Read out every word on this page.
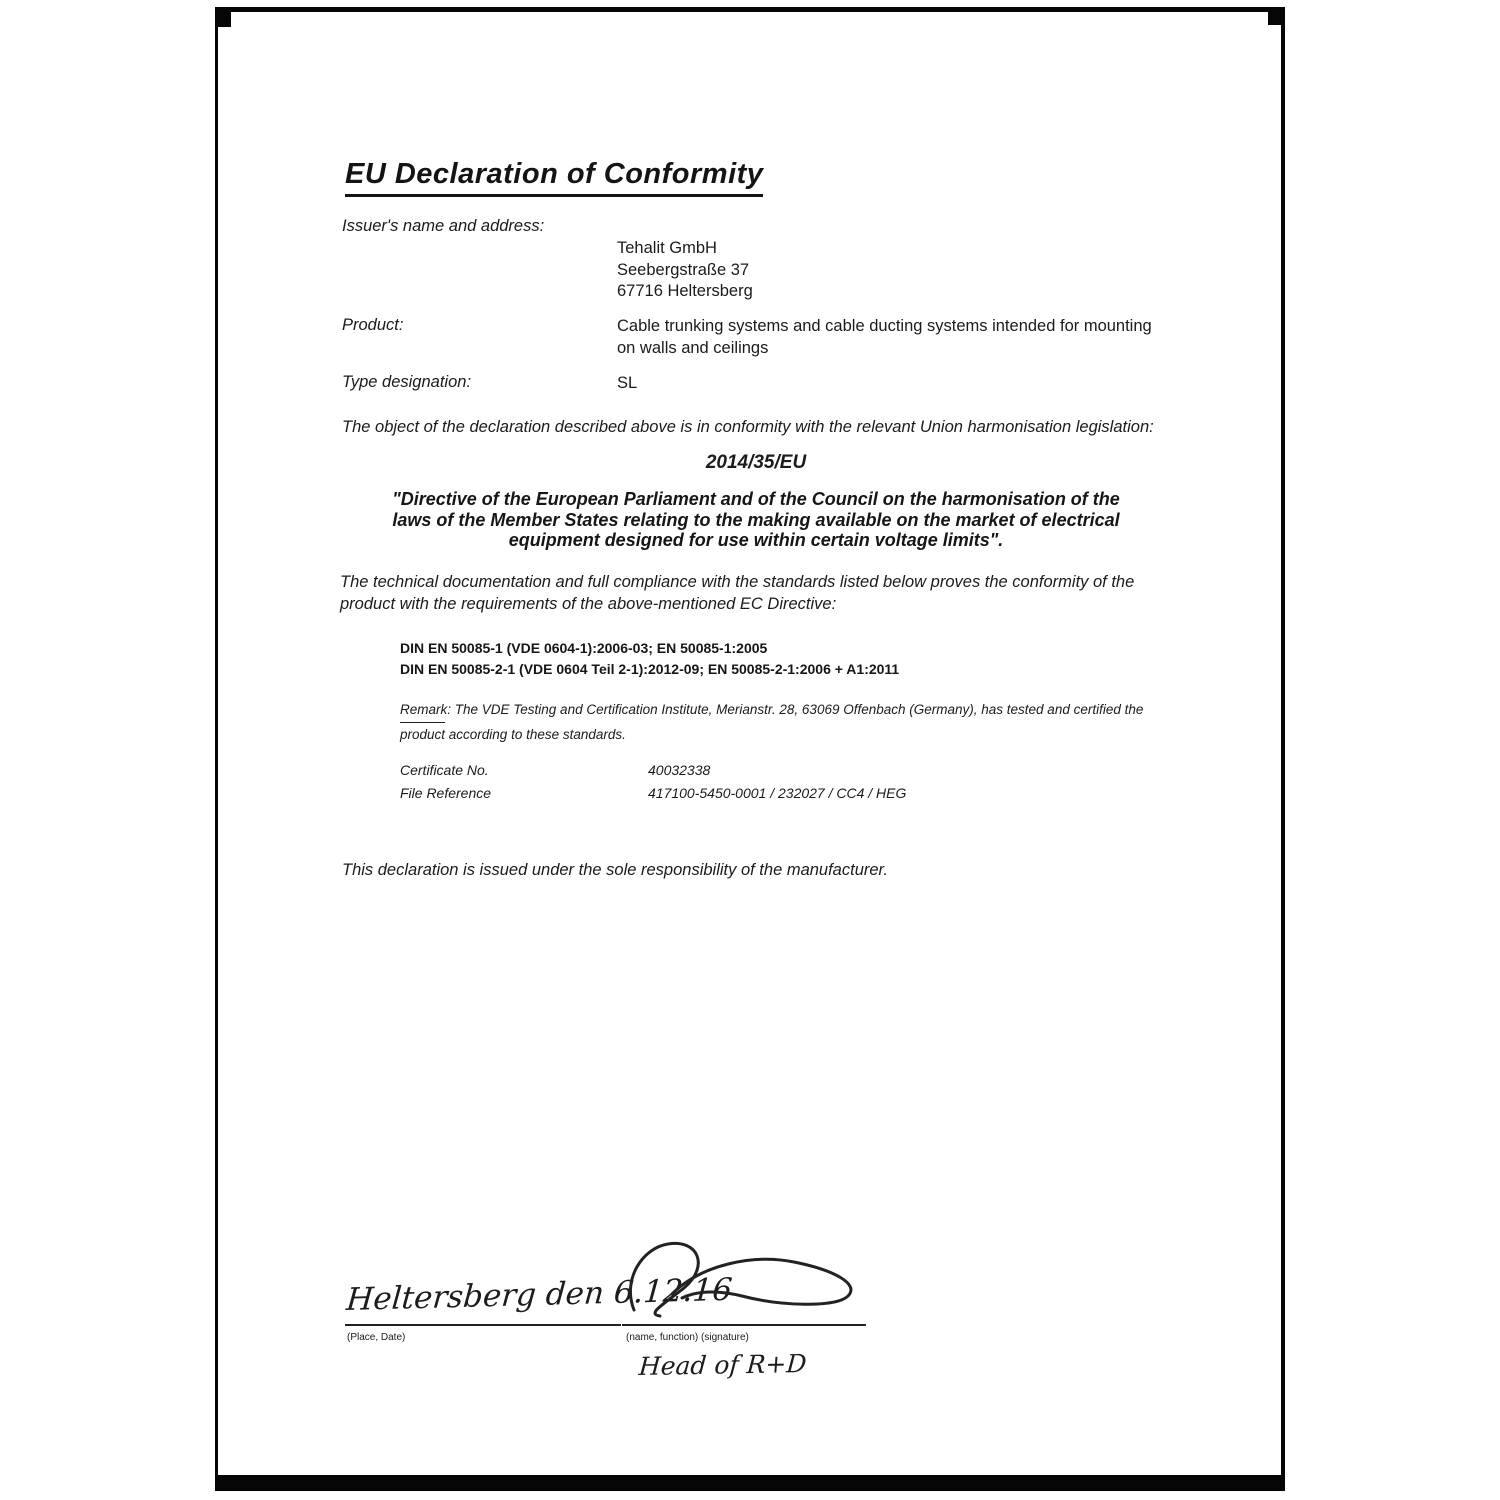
EU Declaration of Conformity
Issuer's name and address:
Tehalit GmbH
Seebergstraße 37
67716 Heltersberg
Product:	Cable trunking systems and cable ducting systems intended for mounting
on walls and ceilings
Type designation:	SL
The object of the declaration described above is in conformity with the relevant Union harmonisation legislation:
2014/35/EU
"Directive of the European Parliament and of the Council on the harmonisation of the
laws of the Member States relating to the making available on the market of electrical
equipment designed for use within certain voltage limits".
The technical documentation and full compliance with the standards listed below proves the conformity of the
product with the requirements of the above-mentioned EC Directive:
DIN EN 50085-1 (VDE 0604-1):2006-03; EN 50085-1:2005
DIN EN 50085-2-1 (VDE 0604 Teil 2-1):2012-09; EN 50085-2-1:2006 + A1:2011
Remark: The VDE Testing and Certification Institute, Merianstr. 28, 63069 Offenbach (Germany), has tested and certified the
product according to these standards.
Certificate No.	40032338
File Reference	417100-5450-0001 / 232027 / CC4 / HEG
This declaration is issued under the sole responsibility of the manufacturer.
Heltersberg den 6.12.16
(Place, Date)	(name, function) (signature)
Head of R+D
